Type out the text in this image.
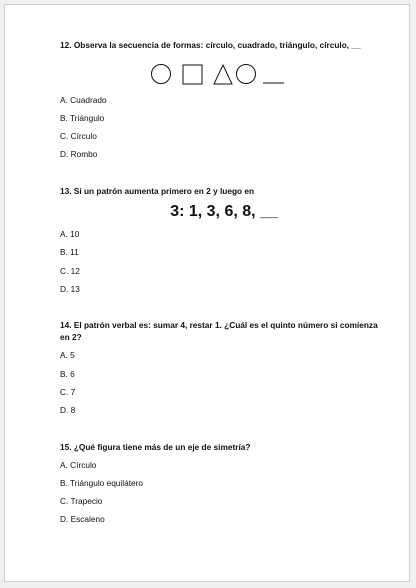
12. Observa la secuencia de formas: círculo, cuadrado, triángulo, círculo, __

A. Cuadrado

B. Triángulo

C. Círculo

D. Rombo

13. Si un patrón aumenta primero en 2 y luego en

3: 1, 3, 6, 8, __

A. 10

B. 11

C. 12

D. 13

14. El patrón verbal es: sumar 4, restar 1. ¿Cuál es el quinto número si comienza

en 2?

A. 5

B. 6

C. 7

D. 8

15. ¿Qué figura tiene más de un eje de simetría?

A. Círculo

B. Triángulo equilátero

C. Trapecio

D. Escaleno
